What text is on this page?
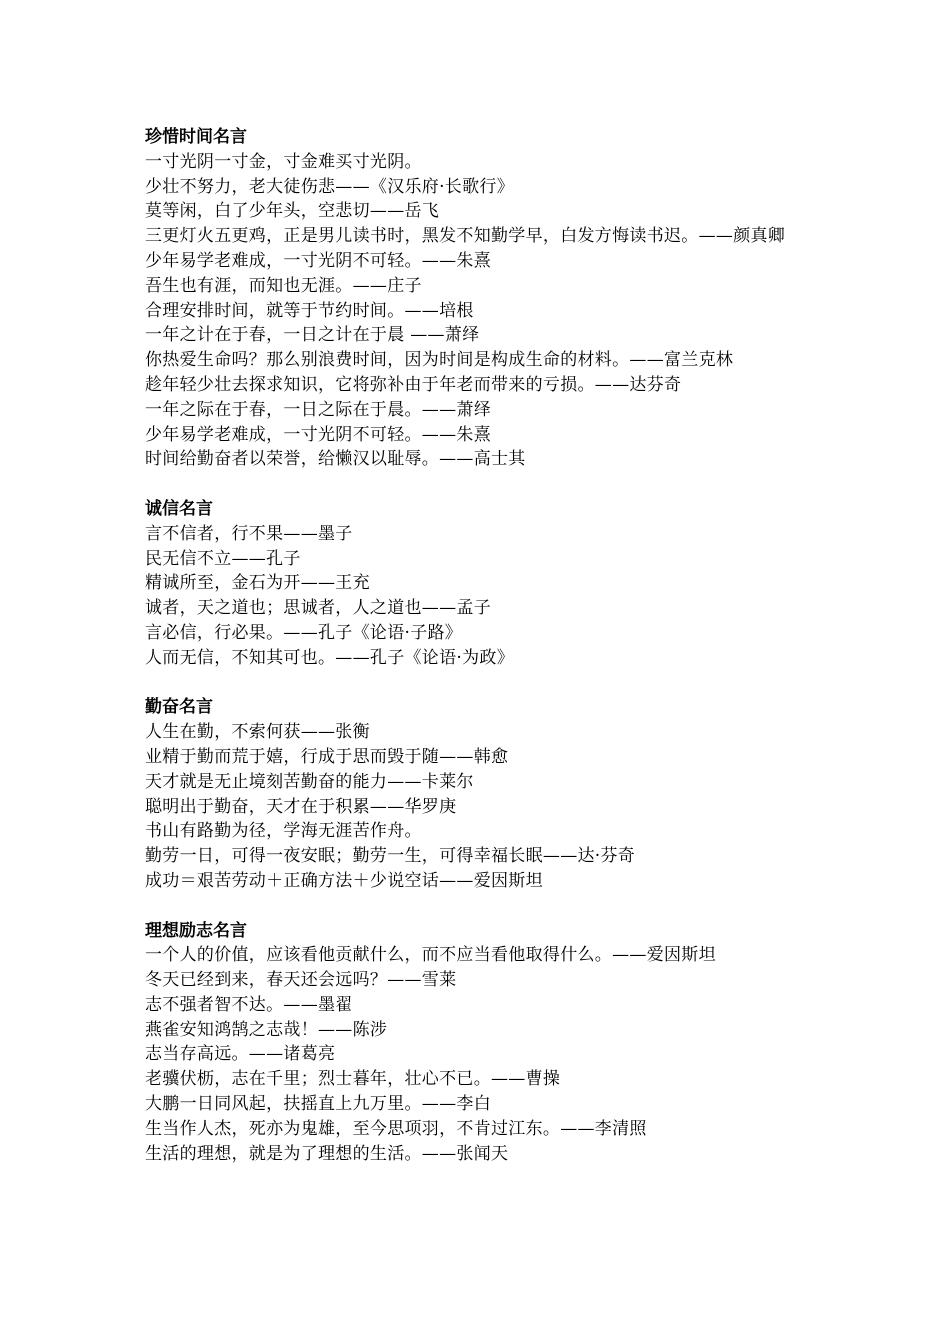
珍惜时间名言

一寸光阴一寸金，寸金难买寸光阴。

少壮不努力，老大徒伤悲——《汉乐府·长歌行》

莫等闲，白了少年头，空悲切——岳飞

三更灯火五更鸡，正是男儿读书时，黑发不知勤学早，白发方悔读书迟。——颜真卿

少年易学老难成，一寸光阴不可轻。——朱熹

吾生也有涯，而知也无涯。——庄子

合理安排时间，就等于节约时间。——培根

一年之计在于春，一日之计在于晨 ——萧绎

你热爱生命吗？那么别浪费时间，因为时间是构成生命的材料。——富兰克林

趁年轻少壮去探求知识，它将弥补由于年老而带来的亏损。——达芬奇

一年之际在于春，一日之际在于晨。——萧绎

少年易学老难成，一寸光阴不可轻。——朱熹

时间给勤奋者以荣誉，给懒汉以耻辱。——高士其

诚信名言

言不信者，行不果——墨子

民无信不立——孔子

精诚所至，金石为开——王充

诚者，天之道也；思诚者，人之道也——孟子

言必信，行必果。——孔子《论语·子路》

人而无信，不知其可也。——孔子《论语·为政》

勤奋名言

人生在勤，不索何获——张衡

业精于勤而荒于嬉，行成于思而毁于随——韩愈

天才就是无止境刻苦勤奋的能力——卡莱尔

聪明出于勤奋，天才在于积累——华罗庚

书山有路勤为径，学海无涯苦作舟。

勤劳一日，可得一夜安眠；勤劳一生，可得幸福长眠——达·芬奇

成功＝艰苦劳动＋正确方法＋少说空话——爱因斯坦

理想励志名言

一个人的价值，应该看他贡献什么，而不应当看他取得什么。——爱因斯坦

冬天已经到来，春天还会远吗？——雪莱

志不强者智不达。——墨翟

燕雀安知鸿鹄之志哉！——陈涉

志当存高远。——诸葛亮

老骥伏枥，志在千里；烈士暮年，壮心不已。——曹操

大鹏一日同风起，扶摇直上九万里。——李白

生当作人杰，死亦为鬼雄，至今思项羽，不肯过江东。——李清照

生活的理想，就是为了理想的生活。——张闻天
